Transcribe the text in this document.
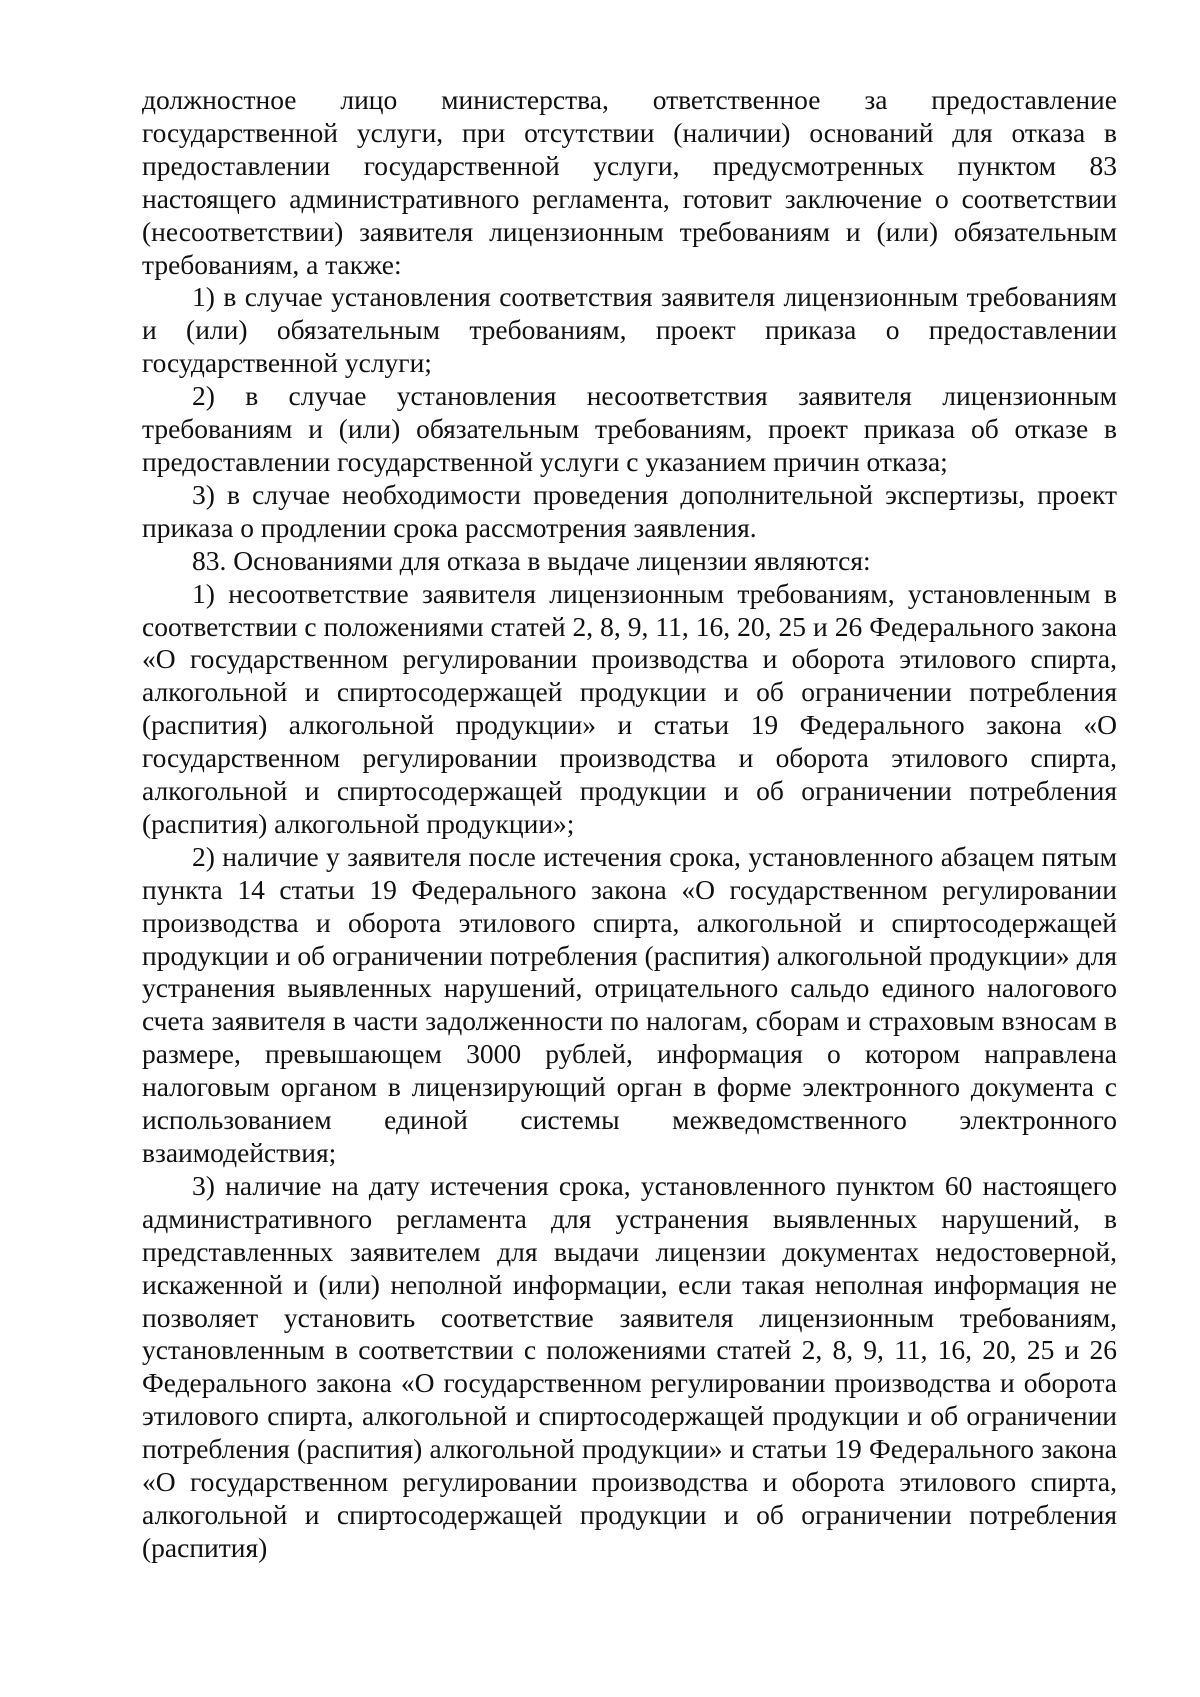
должностное лицо министерства, ответственное за предоставление государственной услуги, при отсутствии (наличии) оснований для отказа в предоставлении государственной услуги, предусмотренных пунктом 83 настоящего административного регламента, готовит заключение о соответствии (несоответствии) заявителя лицензионным требованиям и (или) обязательным требованиям, а также:

1) в случае установления соответствия заявителя лицензионным требованиям и (или) обязательным требованиям, проект приказа о предоставлении государственной услуги;

2) в случае установления несоответствия заявителя лицензионным требованиям и (или) обязательным требованиям, проект приказа об отказе в предоставлении государственной услуги с указанием причин отказа;

3) в случае необходимости проведения дополнительной экспертизы, проект приказа о продлении срока рассмотрения заявления.

83. Основаниями для отказа в выдаче лицензии являются:

1) несоответствие заявителя лицензионным требованиям, установленным в соответствии с положениями статей 2, 8, 9, 11, 16, 20, 25 и 26 Федерального закона «О государственном регулировании производства и оборота этилового спирта, алкогольной и спиртосодержащей продукции и об ограничении потребления (распития) алкогольной продукции» и статьи 19 Федерального закона «О государственном регулировании производства и оборота этилового спирта, алкогольной и спиртосодержащей продукции и об ограничении потребления (распития) алкогольной продукции»;

2) наличие у заявителя после истечения срока, установленного абзацем пятым пункта 14 статьи 19 Федерального закона «О государственном регулировании производства и оборота этилового спирта, алкогольной и спиртосодержащей продукции и об ограничении потребления (распития) алкогольной продукции» для устранения выявленных нарушений, отрицательного сальдо единого налогового счета заявителя в части задолженности по налогам, сборам и страховым взносам в размере, превышающем 3000 рублей, информация о котором направлена налоговым органом в лицензирующий орган в форме электронного документа с использованием единой системы межведомственного электронного взаимодействия;

3) наличие на дату истечения срока, установленного пунктом 60 настоящего административного регламента для устранения выявленных нарушений, в представленных заявителем для выдачи лицензии документах недостоверной, искаженной и (или) неполной информации, если такая неполная информация не позволяет установить соответствие заявителя лицензионным требованиям, установленным в соответствии с положениями статей 2, 8, 9, 11, 16, 20, 25 и 26 Федерального закона «О государственном регулировании производства и оборота этилового спирта, алкогольной и спиртосодержащей продукции и об ограничении потребления (распития) алкогольной продукции» и статьи 19 Федерального закона «О государственном регулировании производства и оборота этилового спирта, алкогольной и спиртосодержащей продукции и об ограничении потребления (распития)
